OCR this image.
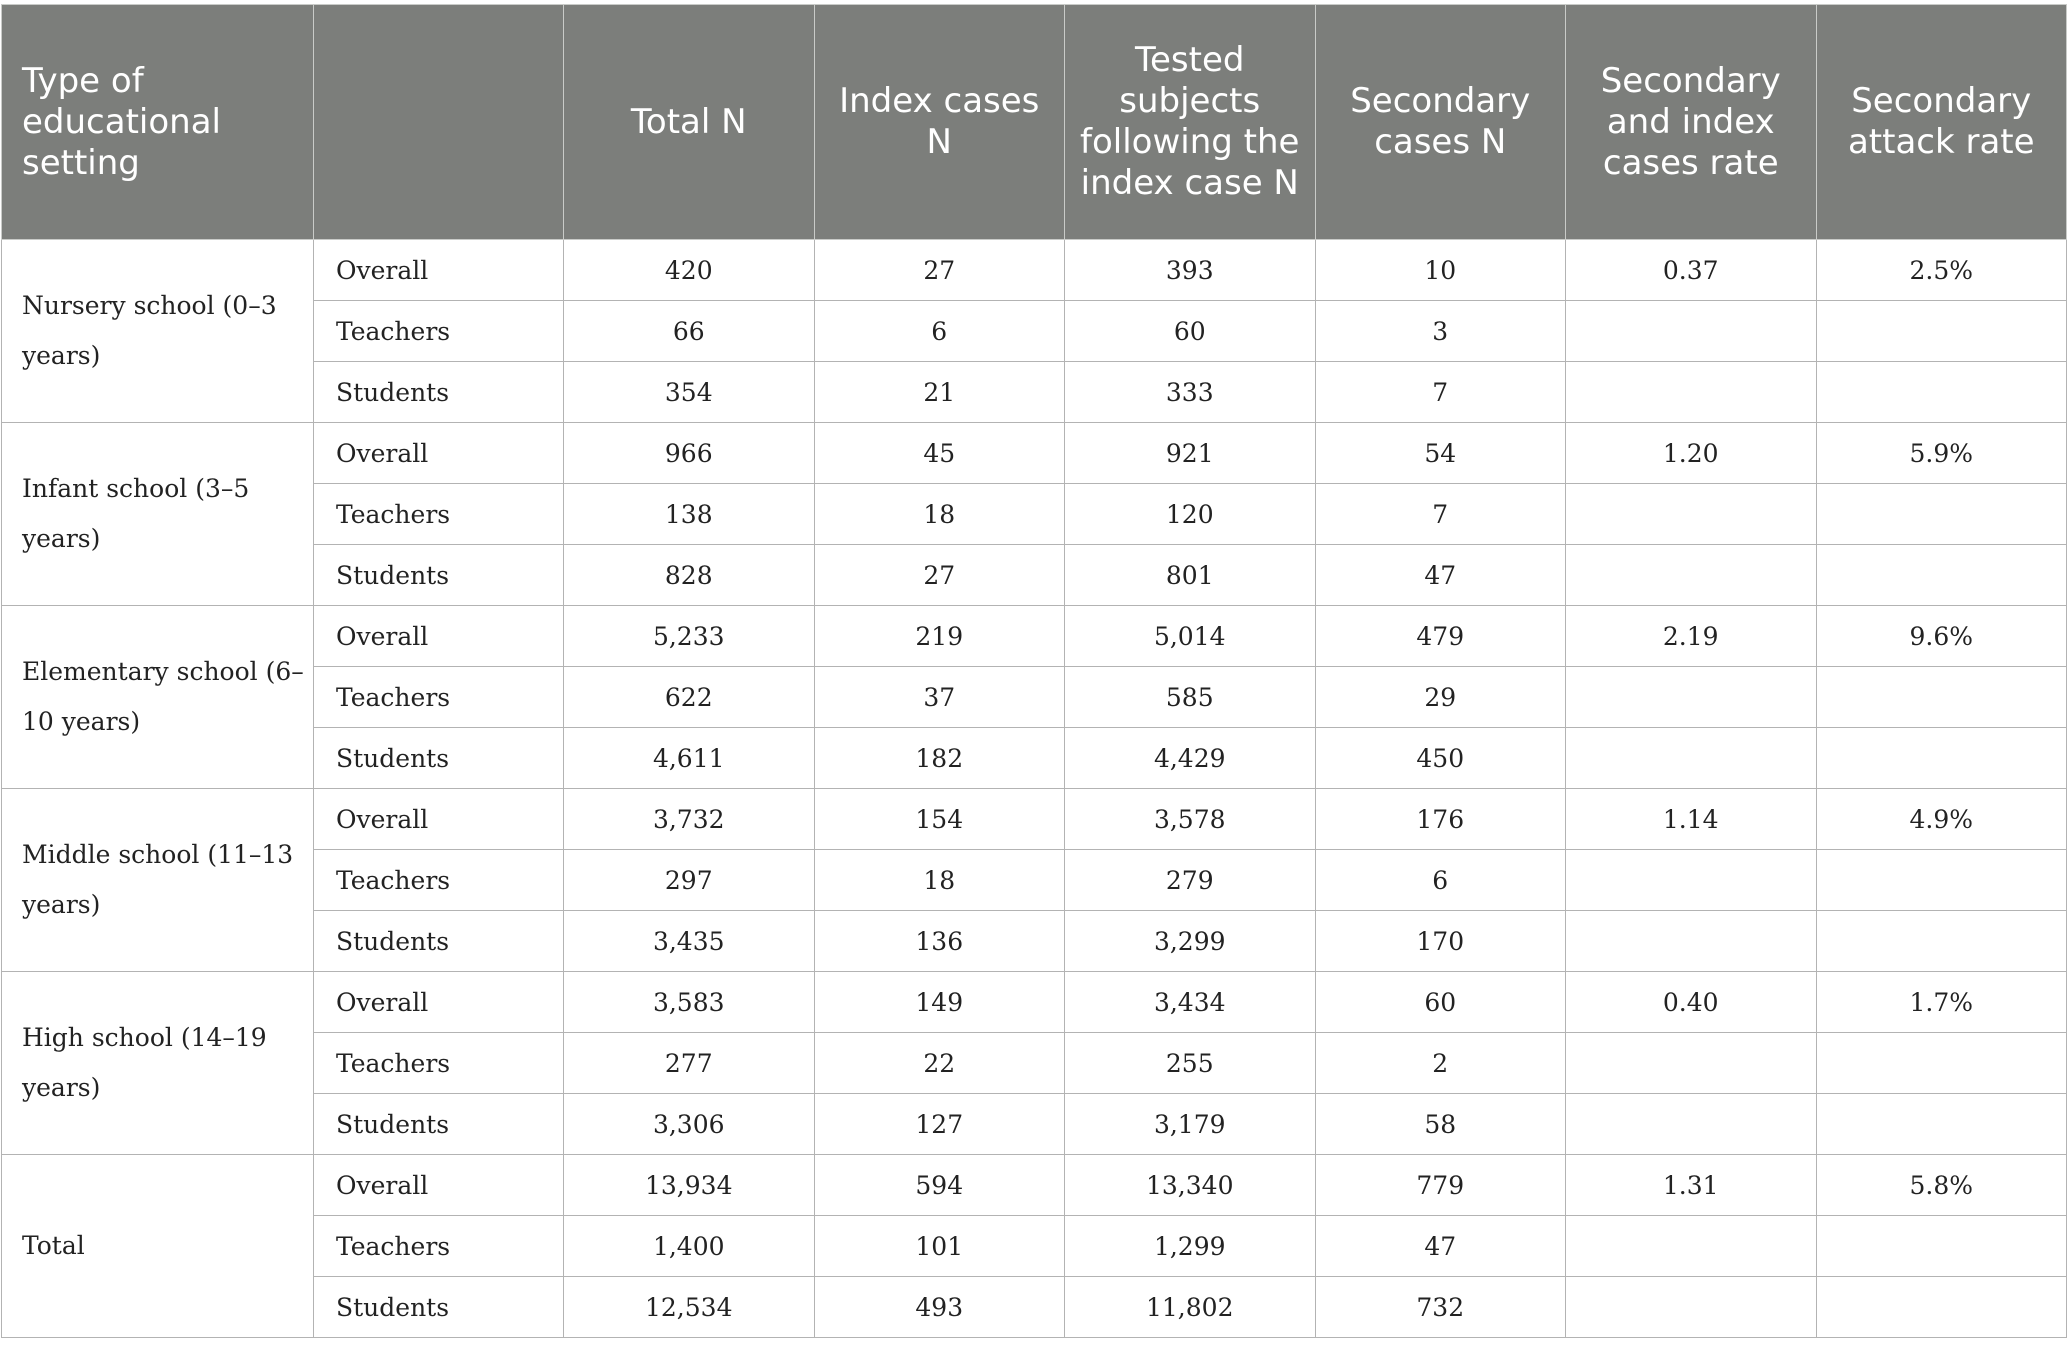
Type of educational setting		Total N	Index cases N	Tested subjects following the index case N	Secondary cases N	Secondary and index cases rate	Secondary attack rate
Nursery school (0–3 years)	Overall	420	27	393	10	0.37	2.5%
	Teachers	66	6	60	3		
	Students	354	21	333	7		
Infant school (3–5 years)	Overall	966	45	921	54	1.20	5.9%
	Teachers	138	18	120	7		
	Students	828	27	801	47		
Elementary school (6–10 years)	Overall	5,233	219	5,014	479	2.19	9.6%
	Teachers	622	37	585	29		
	Students	4,611	182	4,429	450		
Middle school (11–13 years)	Overall	3,732	154	3,578	176	1.14	4.9%
	Teachers	297	18	279	6		
	Students	3,435	136	3,299	170		
High school (14–19 years)	Overall	3,583	149	3,434	60	0.40	1.7%
	Teachers	277	22	255	2		
	Students	3,306	127	3,179	58		
Total	Overall	13,934	594	13,340	779	1.31	5.8%
	Teachers	1,400	101	1,299	47		
	Students	12,534	493	11,802	732		
